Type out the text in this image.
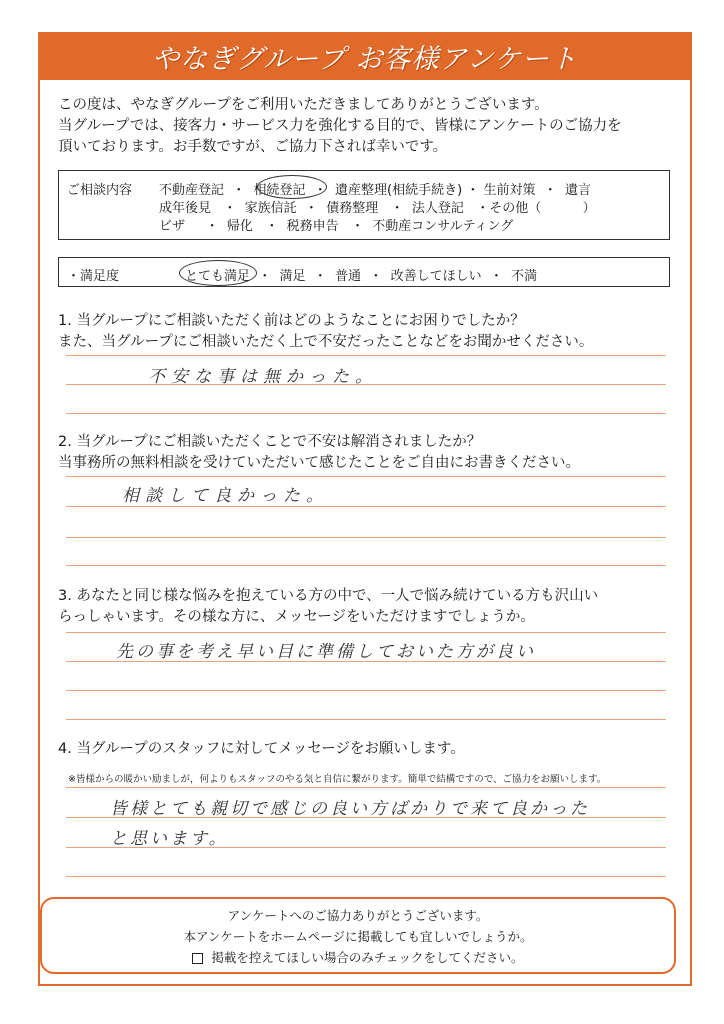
やなぎグループ お客様アンケート
この度は、やなぎグループをご利用いただきましてありがとうございます。
当グループでは、接客力・サービス力を強化する目的で、皆様にアンケートのご協力を
頂いております。お手数ですが、ご協力下されば幸いです。
ご相談内容 不動産登記  ・  相続登記  ・  遺産整理(相続手続き) ・ 生前対策  ・  遺言
成年後見   ・  家族信託  ・  債務整理   ・  法人登記   ・その他（          ）
ビザ     ・  帰化   ・  税務申告   ・  不動産コンサルティング
・満足度	とても満足  ・  満足  ・  普通  ・  改善してほしい  ・  不満
1. 当グループにご相談いただく前はどのようなことにお困りでしたか？
また、当グループにご相談いただく上で不安だったことなどをお聞かせください。
不安な事は無かった。
2. 当グループにご相談いただくことで不安は解消されましたか？
当事務所の無料相談を受けていただいて感じたことをご自由にお書きください。
相談して良かった。
3. あなたと同じ様な悩みを抱えている方の中で、一人で悩み続けている方も沢山い
らっしゃいます。その様な方に、メッセージをいただけますでしょうか。
先の事を考え早い目に準備しておいた方が良い
4. 当グループのスタッフに対してメッセージをお願いします。
※皆様からの暖かい励ましが，何よりもスタッフのやる気と自信に繋がります。簡単で結構ですので、ご協力をお願いします。
皆様とても親切で感じの良い方ばかりで来て良かった
と思います。
アンケートへのご協力ありがとうございます。
本アンケートをホームページに掲載しても宜しいでしょうか。
掲載を控えてほしい場合のみチェックをしてください。
